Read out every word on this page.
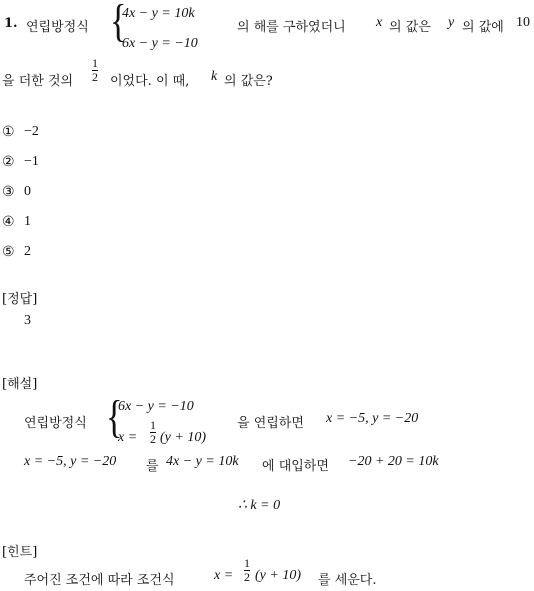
1. 연립방정식 {
4x − y = 10k
6x − y = −10
의 해를 구하였더니 x 의 값은 y 의 값에 10
을 더한 것의
1
2 이었다. 이 때, k 의 값은?
① −2
② −1
③ 0
④ 1
⑤ 2
[정답]
3
[해설]
연립방정식 {
6x − y = −10
x =
1
2 (y + 10)
을 연립하면 x = −5, y = −20
x = −5, y = −20 를 4x − y = 10k 에 대입하면 −20 + 20 = 10k
∴ k = 0
[힌트]
주어진 조건에 따라 조건식	x =
1
2 (y + 10) 를 세운다.
